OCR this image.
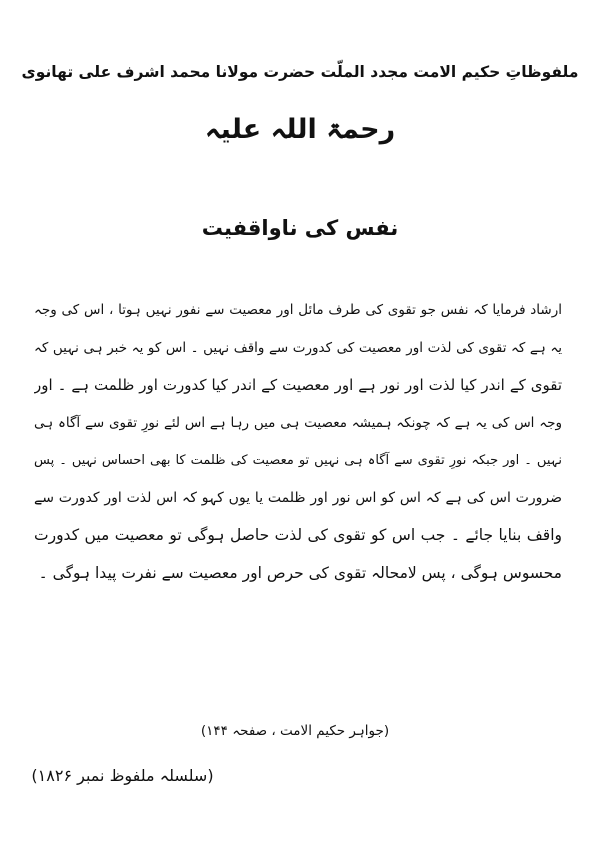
ملفوظاتِ حکیم الامت مجدد الملّت حضرت مولانا محمد اشرف علی تھانوی
رحمۃ اللہ علیہ
نفس کی ناواقفیت
ارشاد فرمایا کہ نفس جو تقوی کی طرف مائل اور معصیت سے نفور نہیں ہوتا ، اس کی وجہ
یہ ہے کہ تقوی کی لذت اور معصیت کی کدورت سے واقف نہیں ۔ اس کو یہ خبر ہی نہیں کہ
تقوی کے اندر کیا لذت اور نور ہے اور معصیت کے اندر کیا کدورت اور ظلمت ہے ۔ اور
وجہ اس کی یہ ہے کہ چونکہ ہمیشہ معصیت ہی میں رہا ہے اس لئے نورِ تقوی سے آگاہ ہی
نہیں ۔ اور جبکہ نورِ تقوی سے آگاہ ہی نہیں تو معصیت کی ظلمت کا بھی احساس نہیں ۔ پس
ضرورت اس کی ہے کہ اس کو اس نور اور ظلمت یا یوں کہو کہ اس لذت اور کدورت سے
واقف بنایا جائے ۔ جب اس کو تقوی کی لذت حاصل ہوگی تو معصیت میں کدورت
محسوس ہوگی ، پس لامحالہ تقوی کی حرص اور معصیت سے نفرت پیدا ہوگی ۔
(جواہر حکیم الامت ، صفحہ ۱۴۴)
(سلسلہ ملفوظ نمبر ۱۸۲۶)
